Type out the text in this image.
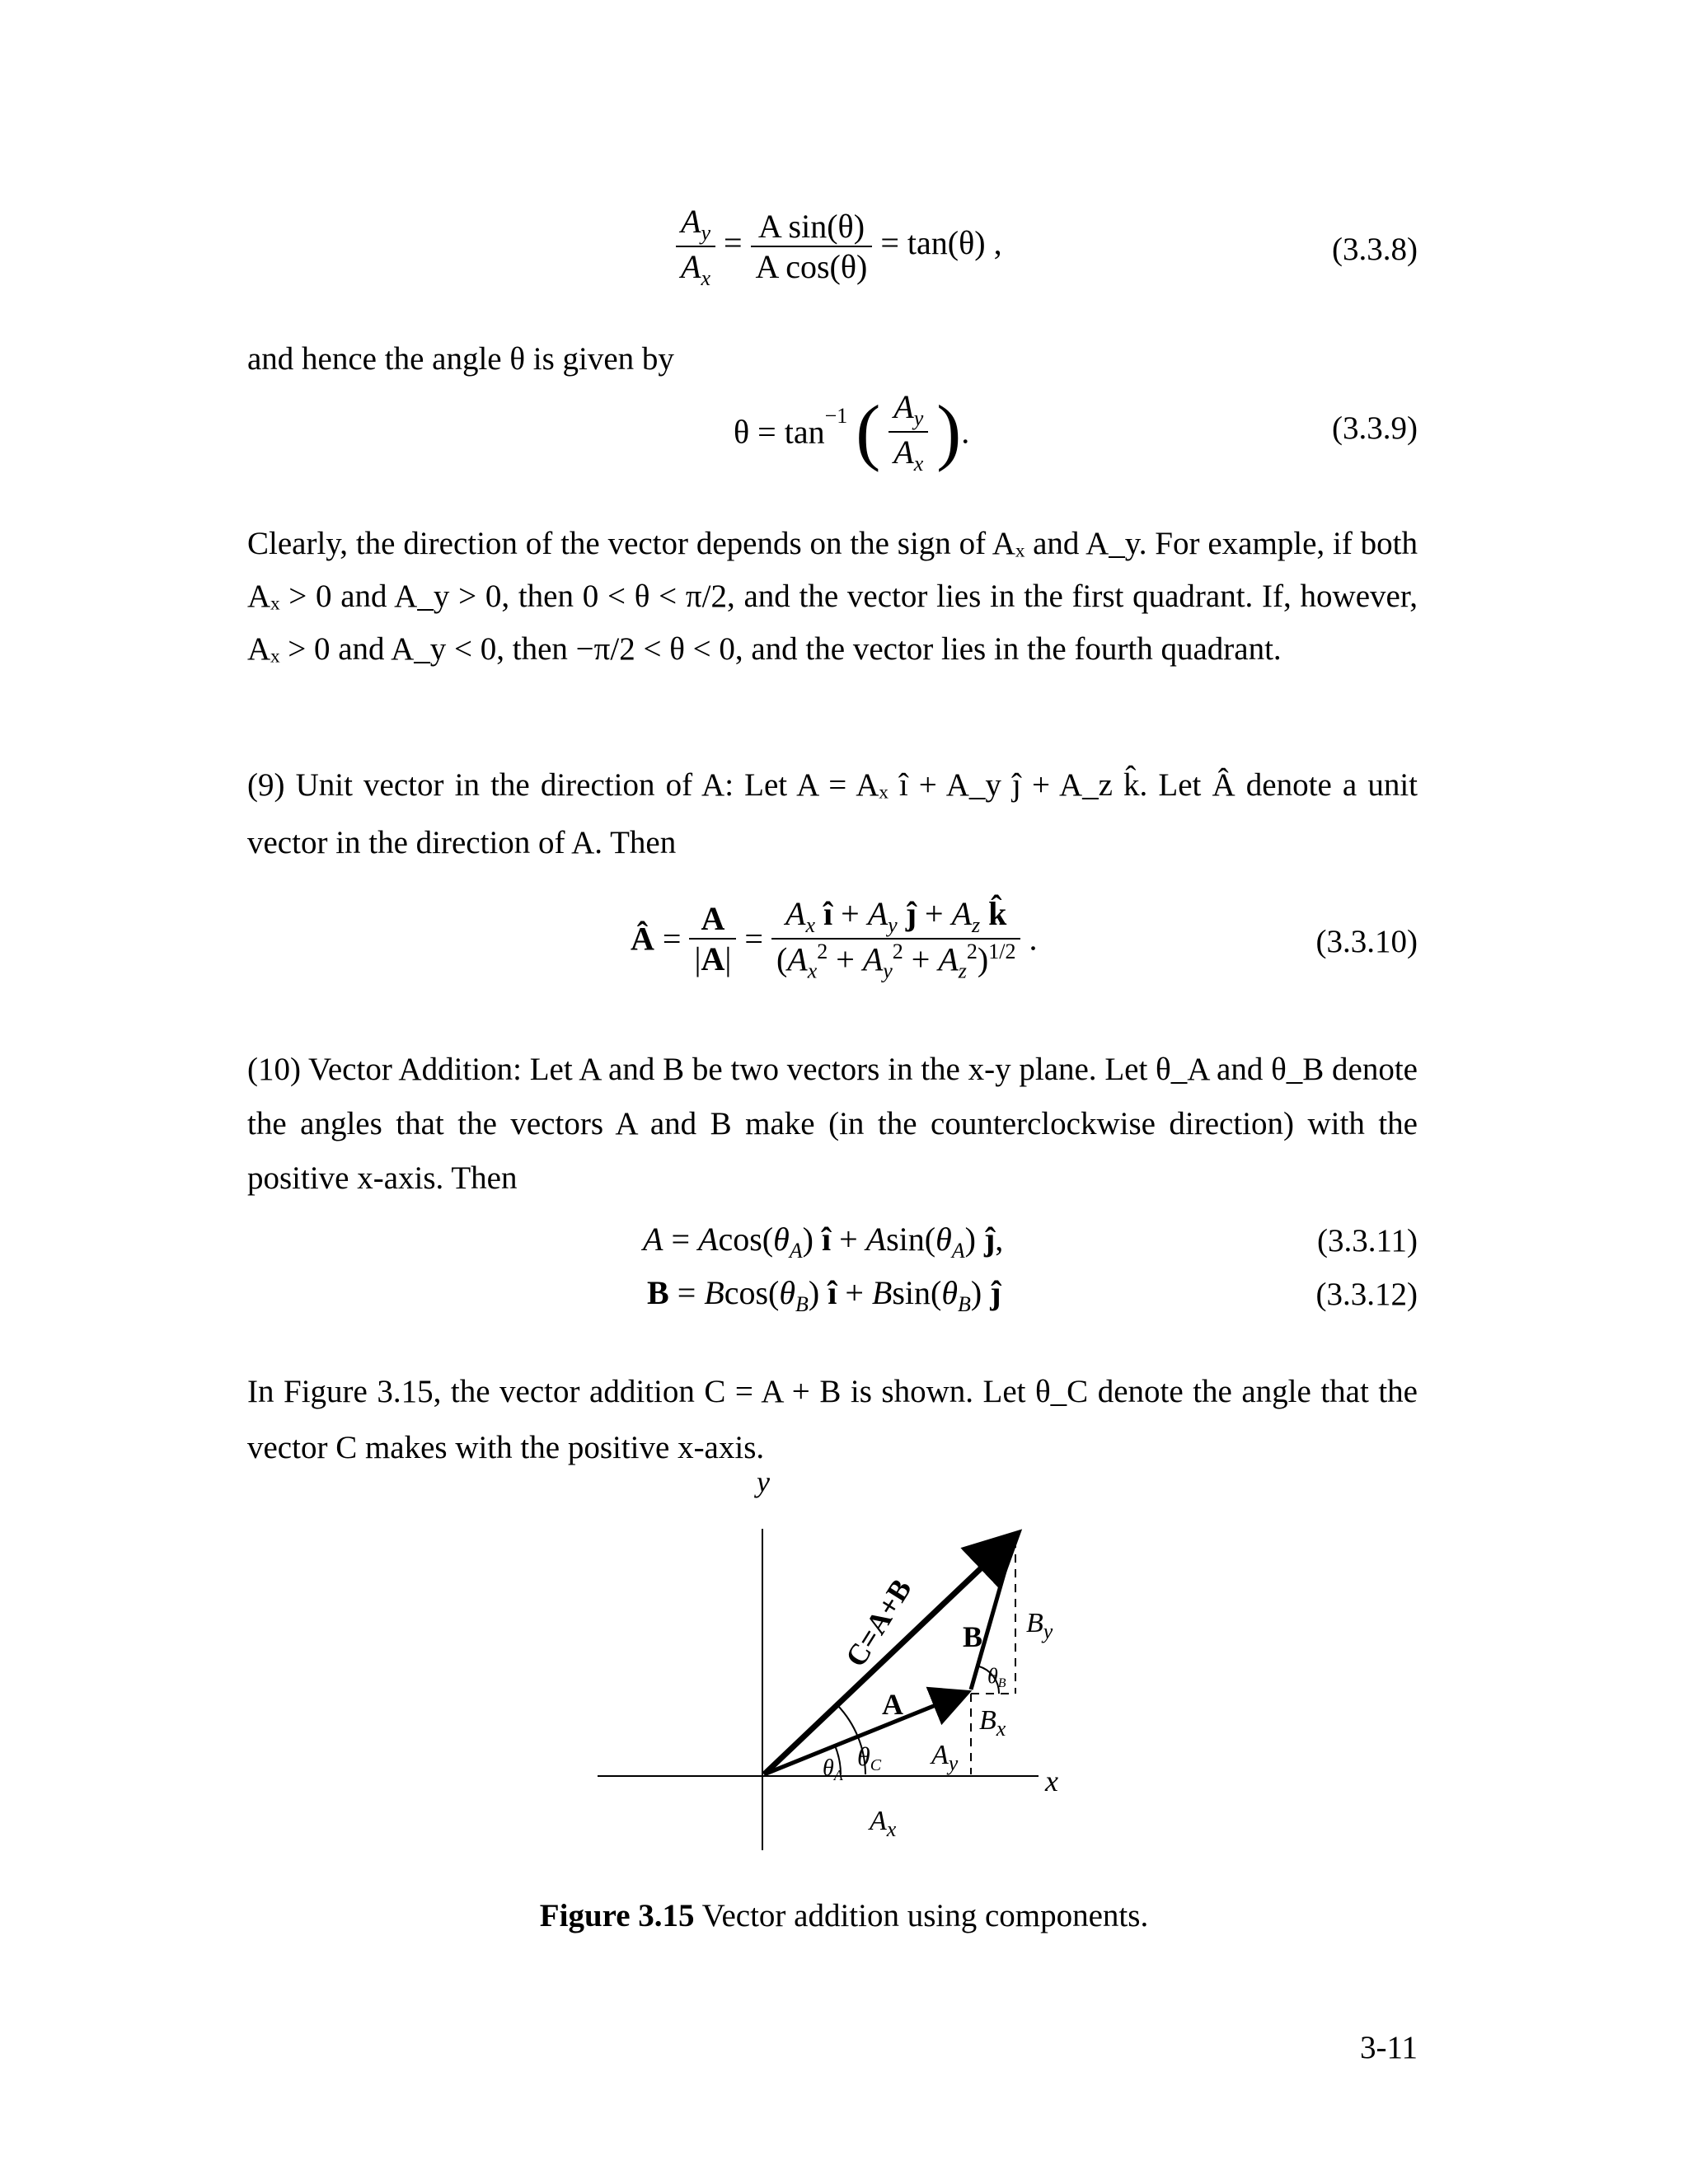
$\frac{A_y}{A_x} = \frac{\text{A sin(θ)}}{\text{A cos(θ)}} = \tan(\theta)$ ,	(3.3.8)

and hence the angle θ is given by

$\theta = \tan^{-1}$ ( $\frac{A_y}{A_x}$ ).	(3.3.9)

Clearly, the direction of the vector depends on the sign of Aₓ and A_y. For example, if both Aₓ > 0 and A_y > 0, then 0 < θ < π/2, and the vector lies in the first quadrant. If, however, Aₓ > 0 and A_y < 0, then −π/2 < θ < 0, and the vector lies in the fourth quadrant.

(9) Unit vector in the direction of A: Let A = Aₓ î + A_y ĵ + A_z k̂. Let Â denote a unit vector in the direction of A. Then

Â = $\frac{A}{|A|} = \frac{A_x î + A_y ĵ + A_z k̂}{(A_x^2 + A_y^2 + A_z^2)^{1/2}}$ .	(3.3.10)

(10) Vector Addition: Let A and B be two vectors in the x-y plane. Let θ_A and θ_B denote the angles that the vectors A and B make (in the counterclockwise direction) with the positive x-axis. Then

$A = Acos(\theta_A)$ î + $Asin(\theta_A)$ ĵ,	(3.3.11)
$B = Bcos(\theta_B)$ î + $Bsin(\theta_B)$ ĵ	(3.3.12)

In Figure 3.15, the vector addition C = A + B is shown. Let θ_C denote the angle that the vector C makes with the positive x-axis.

y
x
C=A+B
A
B $B_y$
$B_x$
$A_y$
$A_x$
$\theta_A$
θC
θB
Figure 3.15 Vector addition using components.
3-11
